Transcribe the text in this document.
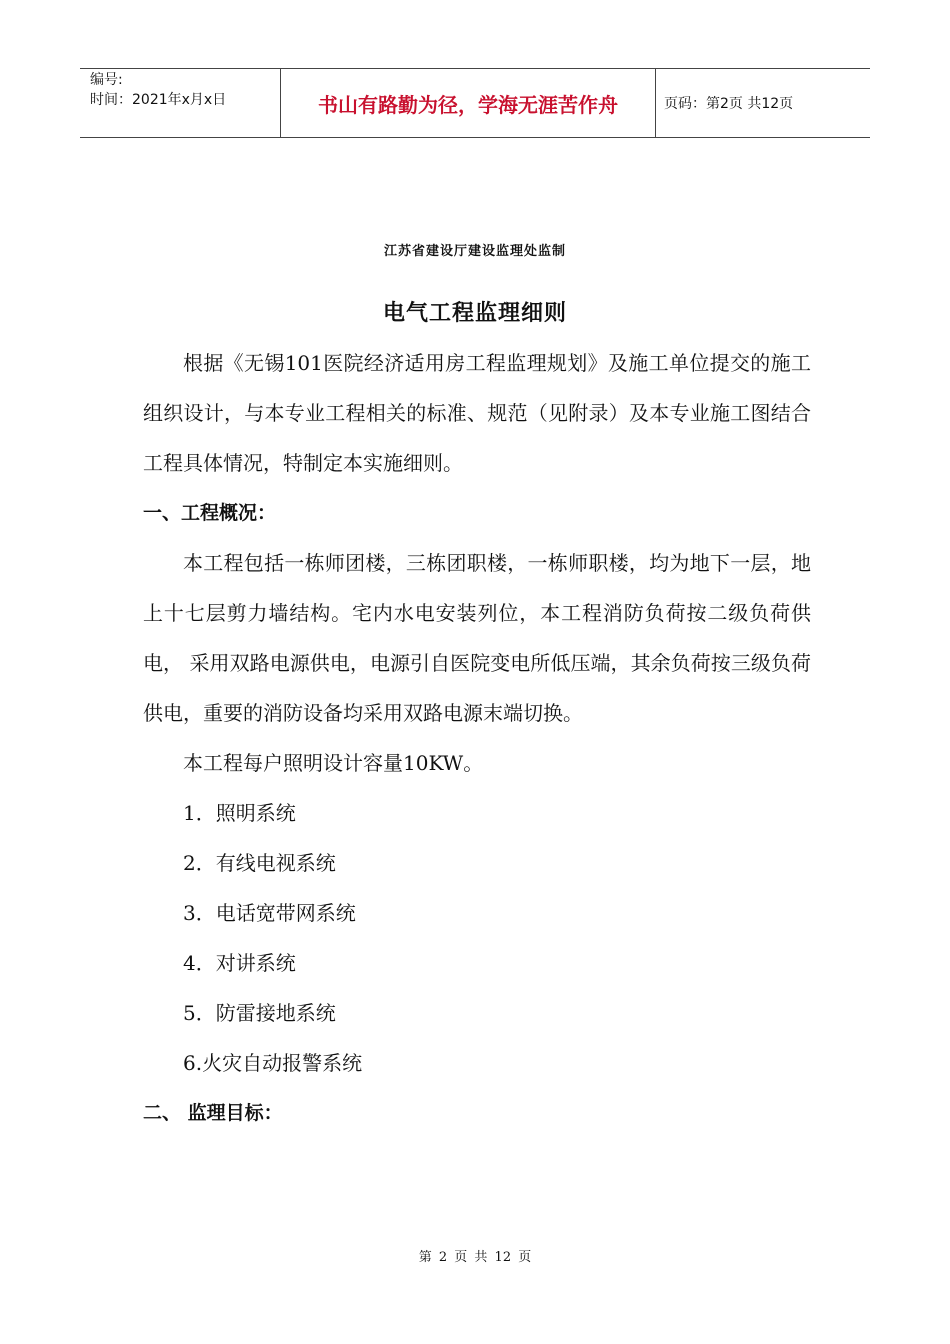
编号:
时间：2021年x月x日	书山有路勤为径，学海无涯苦作舟	页码：第2页 共12页
江苏省建设厅建设监理处监制
电气工程监理细则

根据《无锡101医院经济适用房工程监理规划》及施工单位提交的施工组织设计，与本专业工程相关的标准、规范（见附录）及本专业施工图结合工程具体情况，特制定本实施细则。

一、工程概况：

本工程包括一栋师团楼，三栋团职楼，一栋师职楼，均为地下一层，地上十七层剪力墙结构。宅内水电安装列位，本工程消防负荷按二级负荷供电， 采用双路电源供电，电源引自医院变电所低压端，其余负荷按三级负荷供电，重要的消防设备均采用双路电源末端切换。

本工程每户照明设计容量10KW。

1．照明系统

2．有线电视系统

3．电话宽带网系统

4．对讲系统

5．防雷接地系统

6.火灾自动报警系统

二、 监理目标：

第 2 页 共 12 页
